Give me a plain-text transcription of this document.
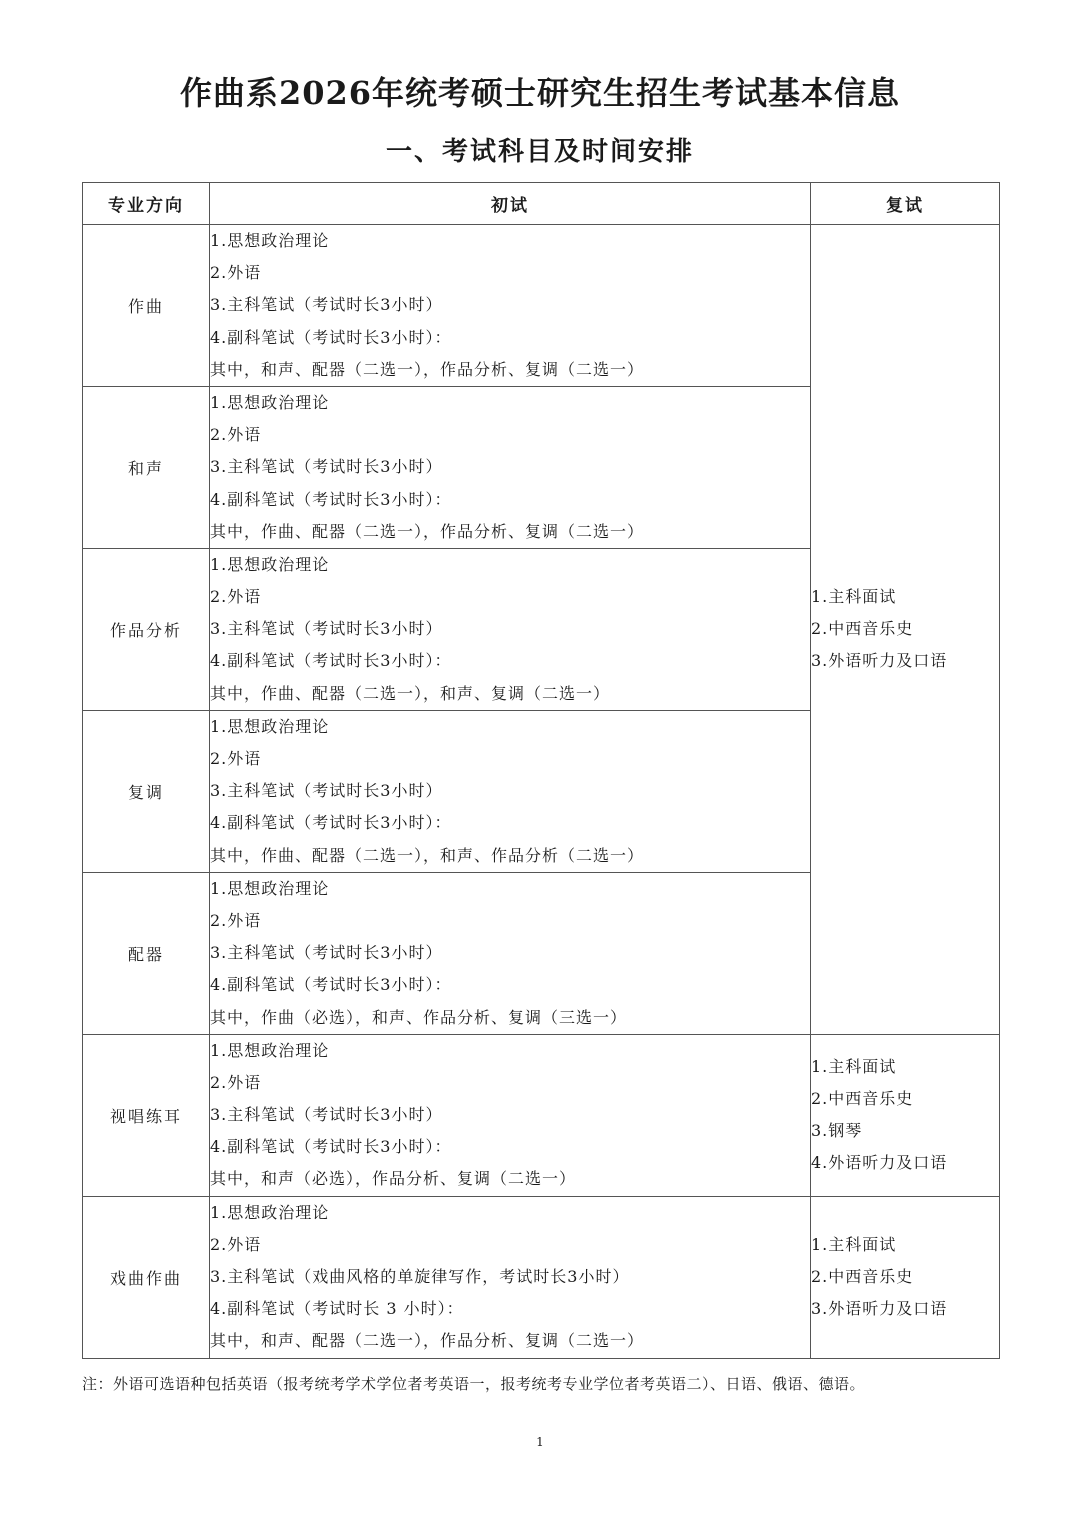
作曲系2026年统考硕士研究生招生考试基本信息
一、考试科目及时间安排
专业方向	初试	复试
作曲	1.思想政治理论
2.外语
3.主科笔试（考试时长3小时）
4.副科笔试（考试时长3小时）：
其中，和声、配器（二选一），作品分析、复调（二选一）	1.主科面试
2.中西音乐史
3.外语听力及口语

和声	1.思想政治理论
2.外语
3.主科笔试（考试时长3小时）
4.副科笔试（考试时长3小时）：
其中，作曲、配器（二选一），作品分析、复调（二选一）	

作品分析	1.思想政治理论
2.外语
3.主科笔试（考试时长3小时）
4.副科笔试（考试时长3小时）：
其中，作曲、配器（二选一），和声、复调（二选一）	

复调	1.思想政治理论
2.外语
3.主科笔试（考试时长3小时）
4.副科笔试（考试时长3小时）：
其中，作曲、配器（二选一），和声、作品分析（二选一）	

配器	1.思想政治理论
2.外语
3.主科笔试（考试时长3小时）
4.副科笔试（考试时长3小时）：
其中，作曲（必选），和声、作品分析、复调（三选一）	

视唱练耳	1.思想政治理论
2.外语
3.主科笔试（考试时长3小时）
4.副科笔试（考试时长3小时）：
其中，和声（必选），作品分析、复调（二选一）	1.主科面试
2.中西音乐史
3.钢琴
4.外语听力及口语

戏曲作曲	1.思想政治理论
2.外语
3.主科笔试（戏曲风格的单旋律写作，考试时长3小时）
4.副科笔试（考试时长 3 小时）：
其中，和声、配器（二选一），作品分析、复调（二选一）	1.主科面试
2.中西音乐史
3.外语听力及口语
注：外语可选语种包括英语（报考统考学术学位者考英语一，报考统考专业学位者考英语二）、日语、俄语、德语。
1
